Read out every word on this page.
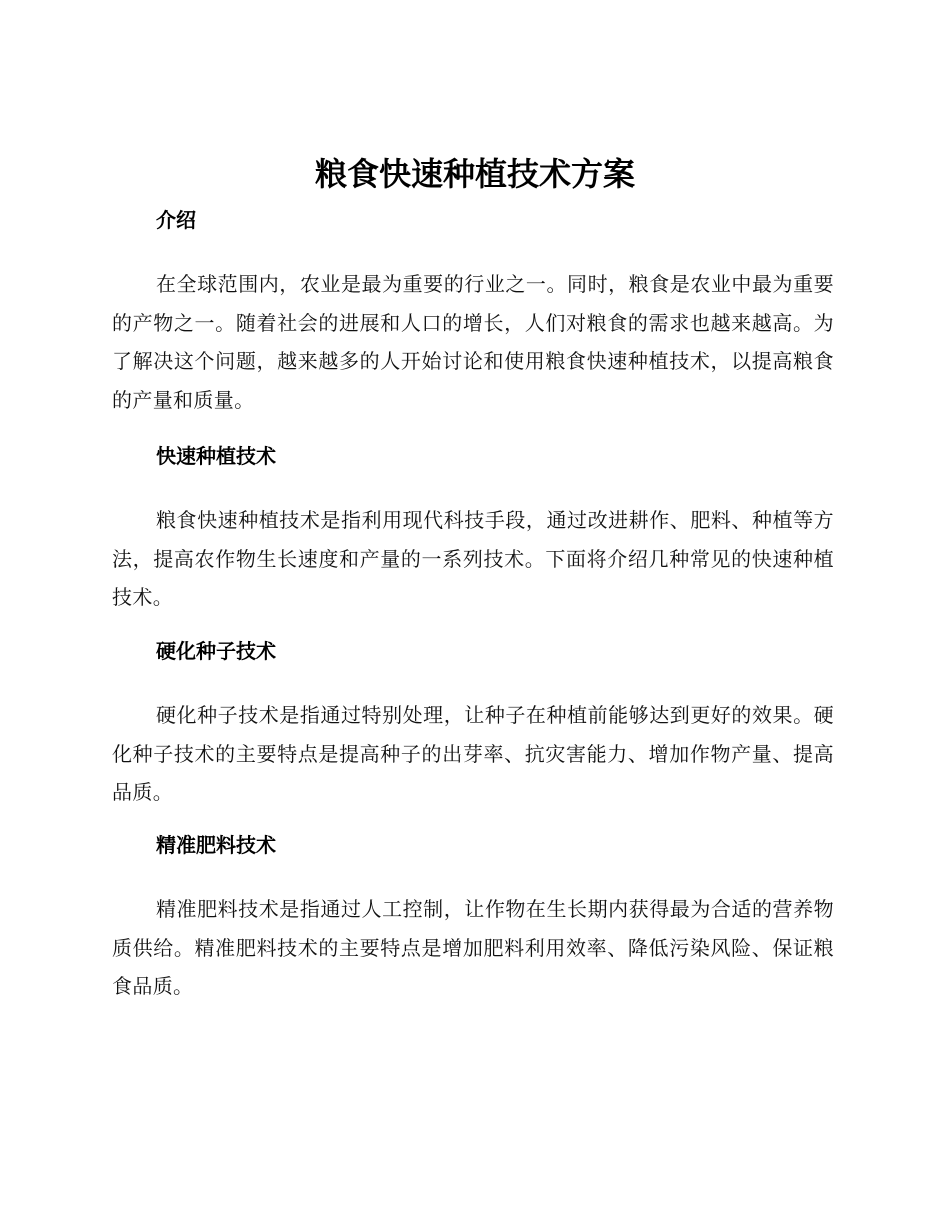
粮食快速种植技术方案
介绍
在全球范围内，农业是最为重要的行业之一。同时，粮食是农业中最为重要的产物之一。随着社会的进展和人口的增长，人们对粮食的需求也越来越高。为了解决这个问题，越来越多的人开始讨论和使用粮食快速种植技术，以提高粮食的产量和质量。
快速种植技术
粮食快速种植技术是指利用现代科技手段，通过改进耕作、肥料、种植等方法，提高农作物生长速度和产量的一系列技术。下面将介绍几种常见的快速种植技术。
硬化种子技术
硬化种子技术是指通过特别处理，让种子在种植前能够达到更好的效果。硬化种子技术的主要特点是提高种子的出芽率、抗灾害能力、增加作物产量、提高品质。
精准肥料技术
精准肥料技术是指通过人工控制，让作物在生长期内获得最为合适的营养物质供给。精准肥料技术的主要特点是增加肥料利用效率、降低污染风险、保证粮食品质。
